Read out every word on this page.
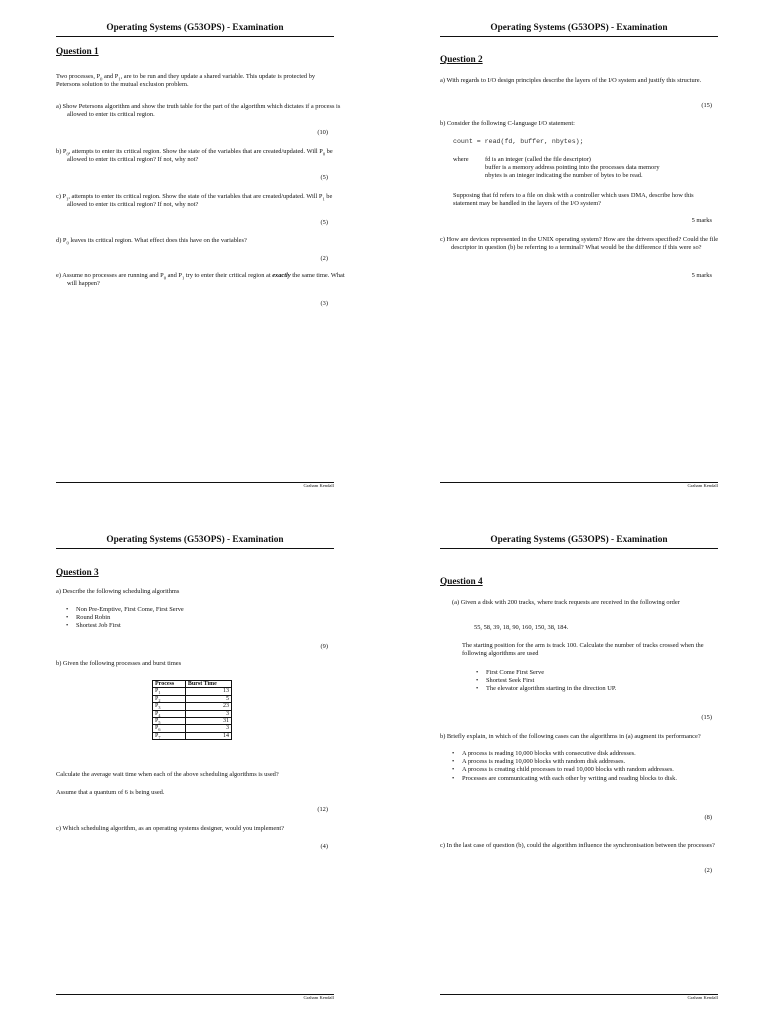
Operating Systems (G53OPS) - Examination
Question 1
Two processes, $P_0$ and $P_1$, are to be run and they update a shared variable. This update is protected by Petersons solution to the mutual exclusion problem.
a) Show Petersons algorithm and show the truth table for the part of the algorithm which dictates if a process is allowed to enter its critical region.
(10)
b) $P_0$, attempts to enter its critical region. Show the state of the variables that are created/updated. Will $P_0$ be allowed to enter its critical region? If not, why not?
(5)
c) $P_1$, attempts to enter its critical region. Show the state of the variables that are created/updated. Will $P_1$ be allowed to enter its critical region? If not, why not?
(5)
d) $P_0$ leaves its critical region. What effect does this have on the variables?
(2)
e) Assume no processes are running and $P_0$ and $P_1$ try to enter their critical region at exactly the same time. What will happen?
(3)
Graham Kendall
Operating Systems (G53OPS) - Examination
Question 2
a) With regards to I/O design principles describe the layers of the I/O system and justify this structure.
(15)
b) Consider the following C-language I/O statement:
count = read(fd, buffer, nbytes);
where	fd is an integer (called the file descriptor)
buffer is a memory address pointing into the processes data memory
nbytes is an integer indicating the number of bytes to be read.
Supposing that fd refers to a file on disk with a controller which uses DMA, describe how this statement may be handled in the layers of the I/O system?
5 marks
c) How are devices represented in the UNIX operating system? How are the drivers specified? Could the file descriptor in question (b) be referring to a terminal? What would be the difference if this were so?
5 marks
Graham Kendall
Operating Systems (G53OPS) - Examination
Question 3
a) Describe the following scheduling algorithms
• Non Pre-Emptive, First Come, First Serve
• Round Robin
• Shortest Job First
(9)
b) Given the following processes and burst times
Process	Burst Time
$P_1$	13
$P_2$	5
$P_3$	23
$P_4$	3
$P_5$	31
$P_6$	3
$P_7$	14
Calculate the average wait time when each of the above scheduling algorithms is used?
Assume that a quantum of 6 is being used.
(12)
c) Which scheduling algorithm, as an operating systems designer, would you implement?
(4)
Graham Kendall
Operating Systems (G53OPS) - Examination
Question 4
(a) Given a disk with 200 tracks, where track requests are received in the following order
55, 58, 39, 18, 90, 160, 150, 38, 184.
The starting position for the arm is track 100. Calculate the number of tracks crossed when the following algorithms are used
• First Come First Serve
• Shortest Seek First
• The elevator algorithm starting in the direction UP.
(15)
b) Briefly explain, in which of the following cases can the algorithms in (a) augment its performance?
• A process is reading 10,000 blocks with consecutive disk addresses.
• A process is reading 10,000 blocks with random disk addresses.
• A process is creating child processes to read 10,000 blocks with random addresses.
• Processes are communicating with each other by writing and reading blocks to disk.
(8)
c) In the last case of question (b), could the algorithm influence the synchronisation between the processes?
(2)
Graham Kendall
